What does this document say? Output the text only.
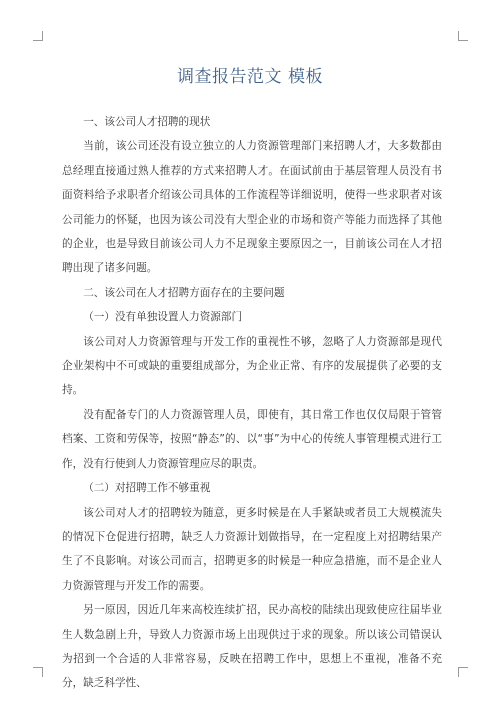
调查报告范文 模板

一、该公司人才招聘的现状

当前，该公司还没有设立独立的人力资源管理部门来招聘人才，大多数都由总经理直接通过熟人推荐的方式来招聘人才。在面试前由于基层管理人员没有书面资料给予求职者介绍该公司具体的工作流程等详细说明，使得一些求职者对该公司能力的怀疑，也因为该公司没有大型企业的市场和资产等能力而选择了其他的企业，也是导致目前该公司人力不足现象主要原因之一，目前该公司在人才招聘出现了诸多问题。

二、该公司在人才招聘方面存在的主要问题

（一）没有单独设置人力资源部门

该公司对人力资源管理与开发工作的重视性不够，忽略了人力资源部是现代企业架构中不可或缺的重要组成部分，为企业正常、有序的发展提供了必要的支持。

没有配备专门的人力资源管理人员，即使有，其日常工作也仅仅局限于管管档案、工资和劳保等，按照“静态”的、以“事”为中心的传统人事管理模式进行工作，没有行使到人力资源管理应尽的职责。

（二）对招聘工作不够重视

该公司对人才的招聘较为随意，更多时候是在人手紧缺或者员工大规模流失的情况下仓促进行招聘，缺乏人力资源计划做指导，在一定程度上对招聘结果产生了不良影响。对该公司而言，招聘更多的时候是一种应急措施，而不是企业人力资源管理与开发工作的需要。

另一原因，因近几年来高校连续扩招，民办高校的陆续出现致使应往届毕业生人数急剧上升，导致人力资源市场上出现供过于求的现象。所以该公司错误认为招到一个合适的人非常容易，反映在招聘工作中，思想上不重视，准备不充分，缺乏科学性、
